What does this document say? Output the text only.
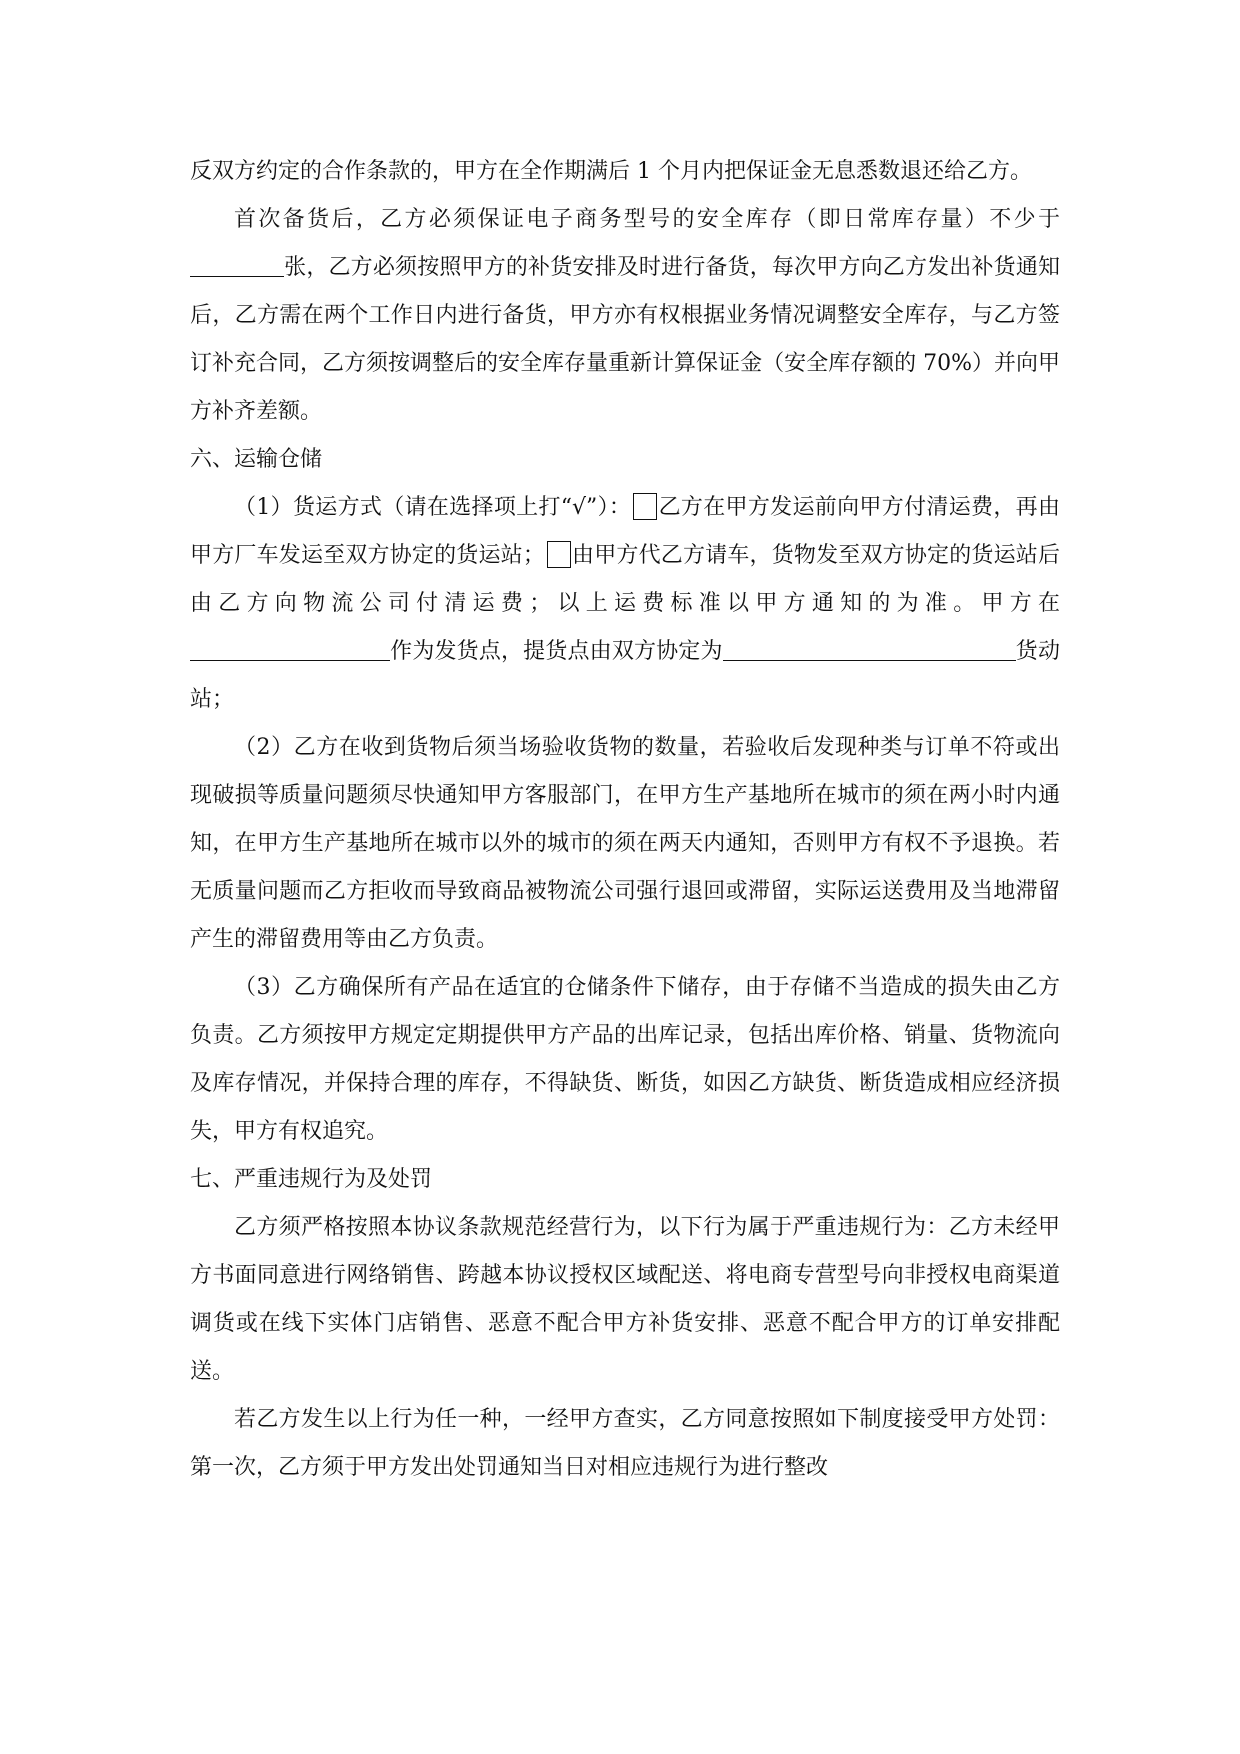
反双方约定的合作条款的，甲方在全作期满后 1 个月内把保证金无息悉数退还给乙方。

首次备货后，乙方必须保证电子商务型号的安全库存（即日常库存量）不少于张，乙方必须按照甲方的补货安排及时进行备货，每次甲方向乙方发出补货通知后，乙方需在两个工作日内进行备货，甲方亦有权根据业务情况调整安全库存，与乙方签订补充合同，乙方须按调整后的安全库存量重新计算保证金（安全库存额的 70%）并向甲方补齐差额。

六、运输仓储

（1）货运方式（请在选择项上打“√”）： 乙方在甲方发运前向甲方付清运费，再由甲方厂车发运至双方协定的货运站； 由甲方代乙方请车，货物发至双方协定的货运站后由乙方向物流公司付清运费；以上运费标准以甲方通知的为准。甲方在作为发货点，提货点由双方协定为	货动站；

（2）乙方在收到货物后须当场验收货物的数量，若验收后发现种类与订单不符或出现破损等质量问题须尽快通知甲方客服部门，在甲方生产基地所在城市的须在两小时内通知，在甲方生产基地所在城市以外的城市的须在两天内通知，否则甲方有权不予退换。若无质量问题而乙方拒收而导致商品被物流公司强行退回或滞留，实际运送费用及当地滞留产生的滞留费用等由乙方负责。

（3）乙方确保所有产品在适宜的仓储条件下储存，由于存储不当造成的损失由乙方负责。乙方须按甲方规定定期提供甲方产品的出库记录，包括出库价格、销量、货物流向及库存情况，并保持合理的库存，不得缺货、断货，如因乙方缺货、断货造成相应经济损失，甲方有权追究。

七、严重违规行为及处罚

乙方须严格按照本协议条款规范经营行为，以下行为属于严重违规行为：乙方未经甲方书面同意进行网络销售、跨越本协议授权区域配送、将电商专营型号向非授权电商渠道调货或在线下实体门店销售、恶意不配合甲方补货安排、恶意不配合甲方的订单安排配送。

若乙方发生以上行为任一种，一经甲方查实，乙方同意按照如下制度接受甲方处罚：第一次，乙方须于甲方发出处罚通知当日对相应违规行为进行整改
